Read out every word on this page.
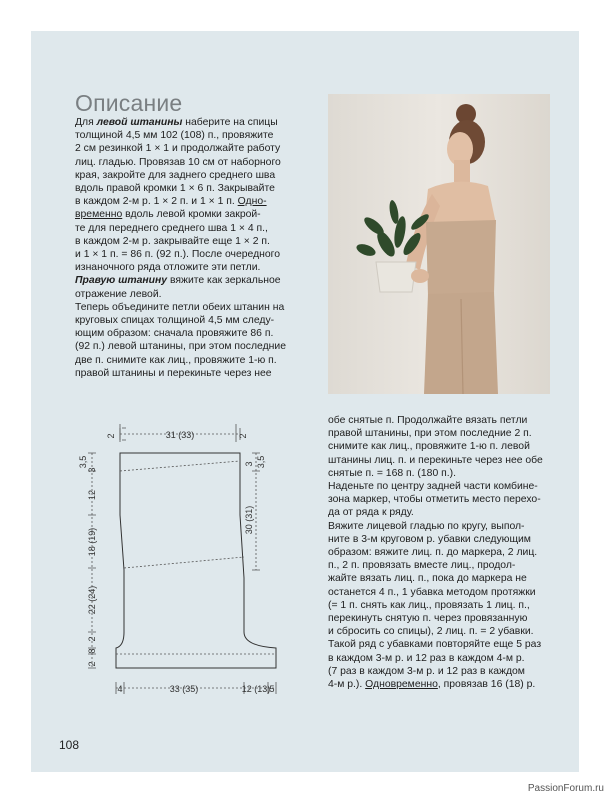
Описание
Для левой штанины наберите на спицы
толщиной 4,5 мм 102 (108) п., провяжите
2 см резинкой 1 × 1 и продолжайте работу
лиц. гладью. Провязав 10 см от наборного
края, закройте для заднего среднего шва
вдоль правой кромки 1 × 6 п. Закрывайте
в каждом 2-м р. 1 × 2 п. и 1 × 1 п. Одно-
временно вдоль левой кромки закрой-
те для переднего среднего шва 1 × 4 п.,
в каждом 2-м р. закрывайте еще 1 × 2 п.
и 1 × 1 п. = 86 п. (92 п.). После очередного
изнаночного ряда отложите эти петли.
Правую штанину вяжите как зеркальное
отражение левой.
Теперь объедините петли обеих штанин на
круговых спицах толщиной 4,5 мм следу-
ющим образом: сначала провяжите 86 п.
(92 п.) левой штанины, при этом последние
две п. снимите как лиц., провяжите 1-ю п.
правой штанины и перекиньте через нее
31 (33)
2	2
3,5
3
12
18 (19)
22 (24)
2
8
2
3,5
3
30 (31)
4	33 (35)	12 (13) 5
обе снятые п. Продолжайте вязать петли
правой штанины, при этом последние 2 п.
снимите как лиц., провяжите 1-ю п. левой
штанины лиц. п. и перекиньте через нее обе
снятые п. = 168 п. (180 п.).
Наденьте по центру задней части комбине-
зона маркер, чтобы отметить место перехо-
да от ряда к ряду.
Вяжите лицевой гладью по кругу, выпол-
ните в 3-м круговом р. убавки следующим
образом: вяжите лиц. п. до маркера, 2 лиц.
п., 2 п. провязать вместе лиц., продол-
жайте вязать лиц. п., пока до маркера не
останется 4 п., 1 убавка методом протяжки
(= 1 п. снять как лиц., провязать 1 лиц. п.,
перекинуть снятую п. через провязанную
и сбросить со спицы), 2 лиц. п. = 2 убавки.
Такой ряд с убавками повторяйте еще 5 раз
в каждом 3-м р. и 12 раз в каждом 4-м р.
(7 раз в каждом 3-м р. и 12 раз в каждом
4-м р.). Одновременно, провязав 16 (18) р.
108
PassionForum.ru
